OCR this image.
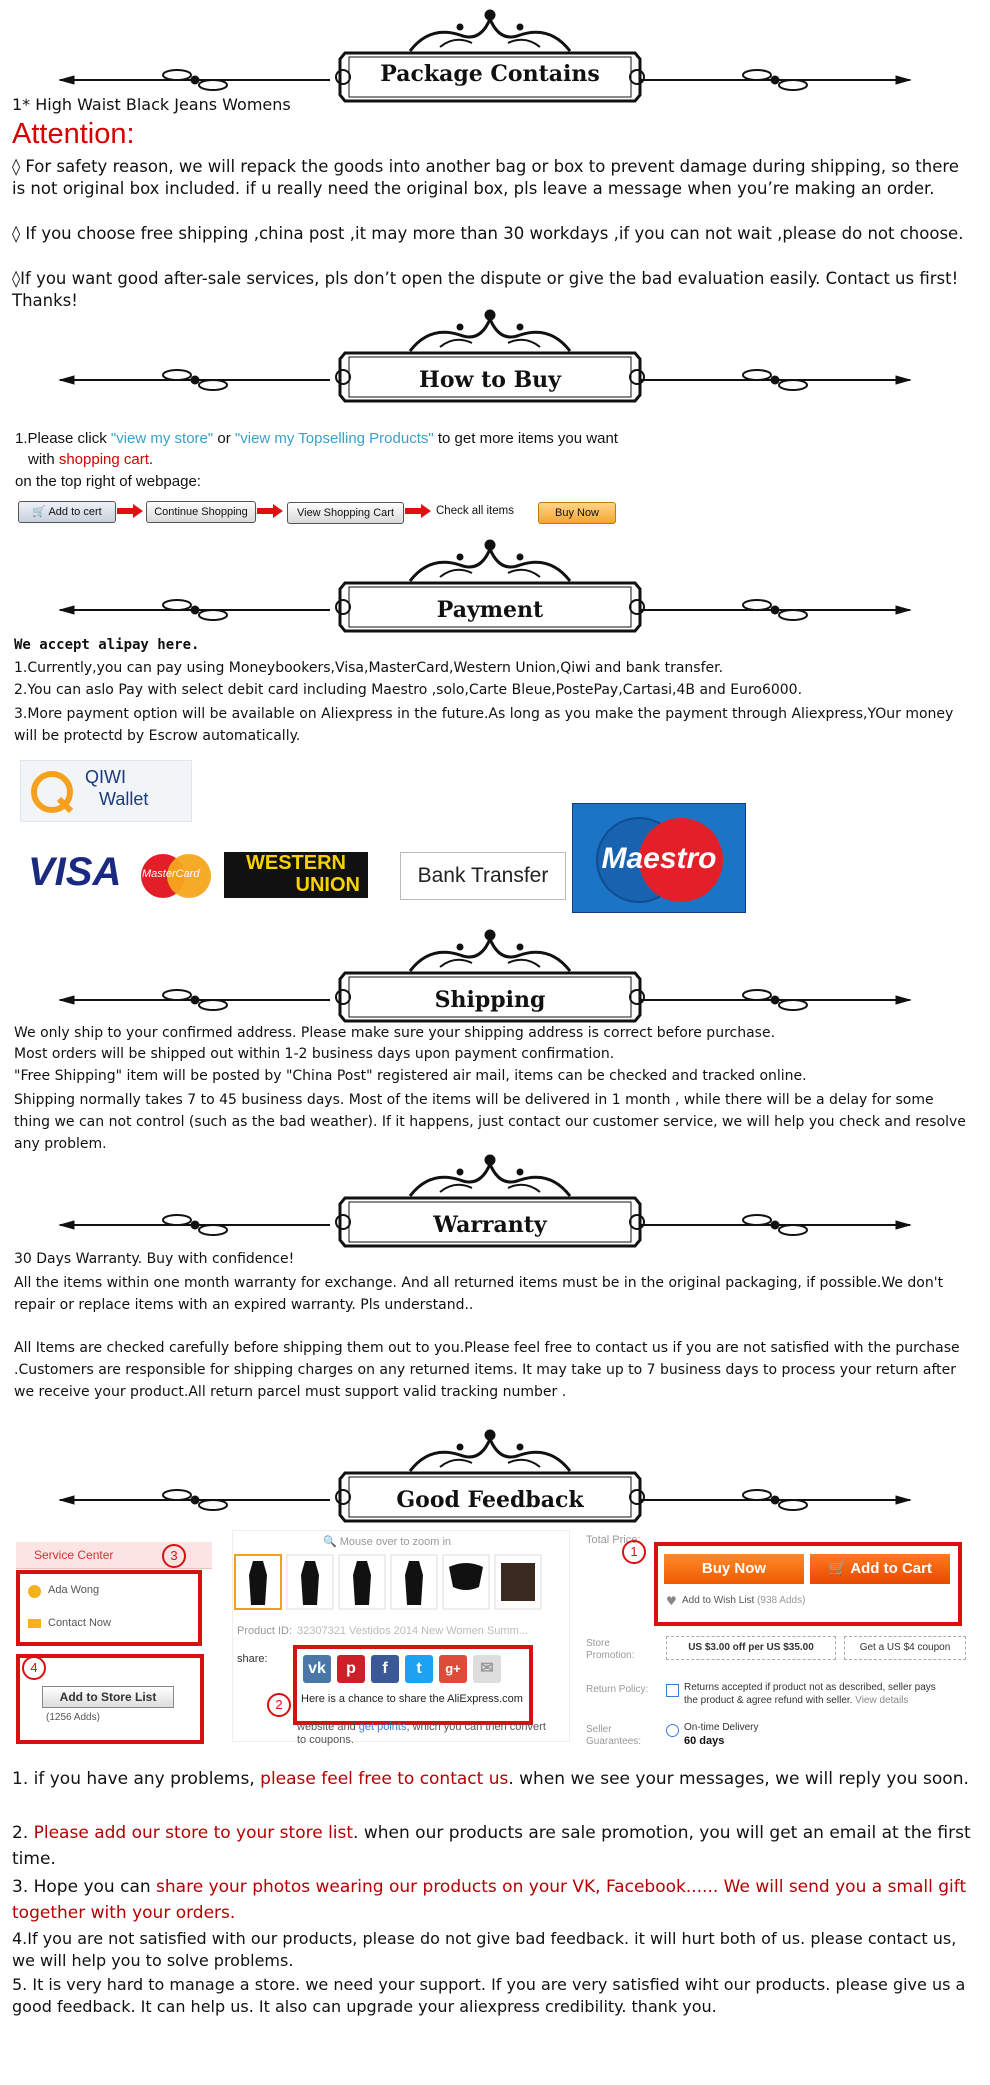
Package Contains
1* High Waist Black Jeans Womens
Attention:
◊ For safety reason, we will repack the goods into another bag or box to prevent damage during shipping, so there is not original box included. if u really need the original box, pls leave a message when you’re making an order.
◊ If you choose free shipping ,china post ,it may more than 30 workdays ,if you can not wait ,please do not choose.
◊If you want good after-sale services, pls don’t open the dispute or give the bad evaluation easily. Contact us first! Thanks!
How to Buy
1.Please click "view my store" or "view my Topselling Products" to get more items you want
with shopping cart.
on the top right of webpage:
🛒 Add to cert	Continue Shopping	View Shopping Cart	Check all items	Buy Now
Payment
We accept alipay here.
1.Currently,you can pay using Moneybookers,Visa,MasterCard,Western Union,Qiwi and bank transfer.
2.You can aslo Pay with select debit card including Maestro ,solo,Carte Bleue,PostePay,Cartasi,4B and Euro6000.
3.More payment option will be available on Aliexpress in the future.As long as you make the payment through Aliexpress,YOur money will be protectd by Escrow automatically.
QIWI
Wallet
VISA MasterCard	WESTERN
UNION	Bank Transfer
Maestro
Shipping
We only ship to your confirmed address. Please make sure your shipping address is correct before purchase.
Most orders will be shipped out within 1-2 business days upon payment confirmation.
"Free Shipping" item will be posted by "China Post" registered air mail, items can be checked and tracked online.
Shipping normally takes 7 to 45 business days. Most of the items will be delivered in 1 month , while there will be a delay for some thing we can not control (such as the bad weather). If it happens, just contact our customer service, we will help you check and resolve any problem.
Warranty
30 Days Warranty. Buy with confidence!
All the items within one month warranty for exchange. And all returned items must be in the original packaging, if possible.We don't repair or replace items with an expired warranty. Pls understand..
All Items are checked carefully before shipping them out to you.Please feel free to contact us if you are not satisfied with the purchase .Customers are responsible for shipping charges on any returned items. It may take up to 7 business days to process your return after we receive your product.All return parcel must support valid tracking number .
Good Feedback
Service Center	3
Ada Wong
Contact Now
4
Add to Store List
(1256 Adds)
🔍 Mouse over to zoom in
Product ID: 32307321 Vestidos 2014 New Women Summ...
share:
2
vk	p	f	t	g+	✉
Here is a chance to share the AliExpress.com
website and get points, which you can then convert
to coupons.
Total Price:
1
Buy Now	🛒 Add to Cart
♥ Add to Wish List (938 Adds)
Store
Promotion:
US $3.00 off per US $35.00	Get a US $4 coupon
Return Policy:	Returns accepted if product not as described, seller pays
the product & agree refund with seller. View details
Seller
Guarantees:
On-time Delivery
60 days
1. if you have any problems, please feel free to contact us. when we see your messages, we will reply you soon.
2. Please add our store to your store list. when our products are sale promotion, you will get an email at the first time.
3. Hope you can share your photos wearing our products on your VK, Facebook...... We will send you a small gift together with your orders.
4.If you are not satisfied with our products, please do not give bad feedback. it will hurt both of us. please contact us, we will help you to solve problems.
5. It is very hard to manage a store. we need your support. If you are very satisfied wiht our products. please give us a good feedback. It can help us. It also can upgrade your aliexpress credibility. thank you.
